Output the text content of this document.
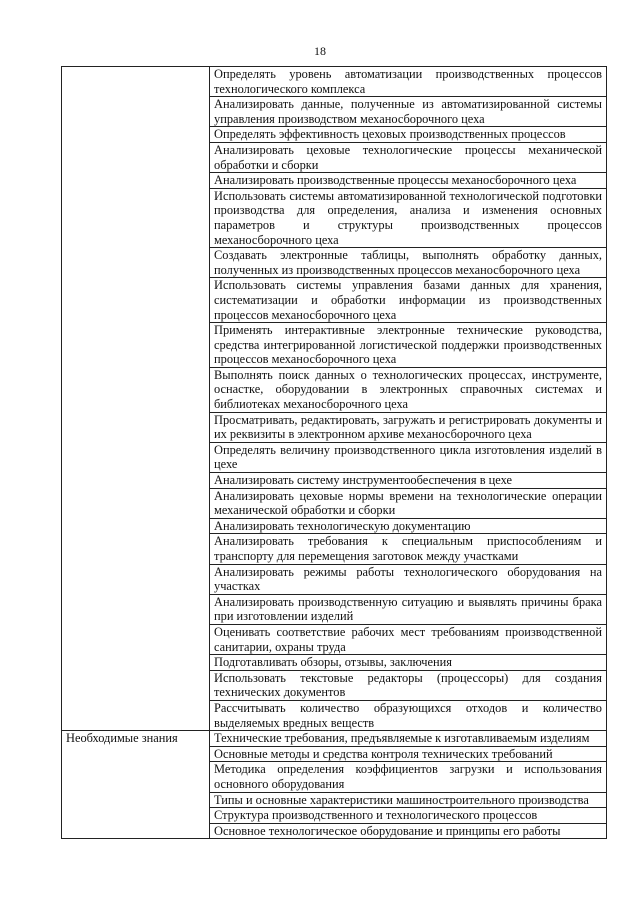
18
	Определять уровень автоматизации производственных процессов технологического комплекса
	Анализировать данные, полученные из автоматизированной системы управления производством механосборочного цеха
	Определять эффективность цеховых производственных процессов
	Анализировать цеховые технологические процессы механической обработки и сборки
	Анализировать производственные процессы механосборочного цеха
	Использовать системы автоматизированной технологической подготовки производства для определения, анализа и изменения основных параметров и структуры производственных процессов механосборочного цеха
	Создавать электронные таблицы, выполнять обработку данных, полученных из производственных процессов механосборочного цеха
	Использовать системы управления базами данных для хранения, систематизации и обработки информации из производственных процессов механосборочного цеха
	Применять интерактивные электронные технические руководства, средства интегрированной логистической поддержки производственных процессов механосборочного цеха
	Выполнять поиск данных о технологических процессах, инструменте, оснастке, оборудовании в электронных справочных системах и библиотеках механосборочного цеха
	Просматривать, редактировать, загружать и регистрировать документы и их реквизиты в электронном архиве механосборочного цеха
	Определять величину производственного цикла изготовления изделий в цехе
	Анализировать систему инструментообеспечения в цехе
	Анализировать цеховые нормы времени на технологические операции механической обработки и сборки
	Анализировать технологическую документацию
	Анализировать требования к специальным приспособлениям и транспорту для перемещения заготовок между участками
	Анализировать режимы работы технологического оборудования на участках
	Анализировать производственную ситуацию и выявлять причины брака при изготовлении изделий
	Оценивать соответствие рабочих мест требованиям производственной санитарии, охраны труда
	Подготавливать обзоры, отзывы, заключения
	Использовать текстовые редакторы (процессоры) для создания технических документов
	Рассчитывать количество образующихся отходов и количество выделяемых вредных веществ
Необходимые знания	Технические требования, предъявляемые к изготавливаемым изделиям
	Основные методы и средства контроля технических требований
	Методика определения коэффициентов загрузки и использования основного оборудования
	Типы и основные характеристики машиностроительного производства
	Структура производственного и технологического процессов
	Основное технологическое оборудование и принципы его работы
